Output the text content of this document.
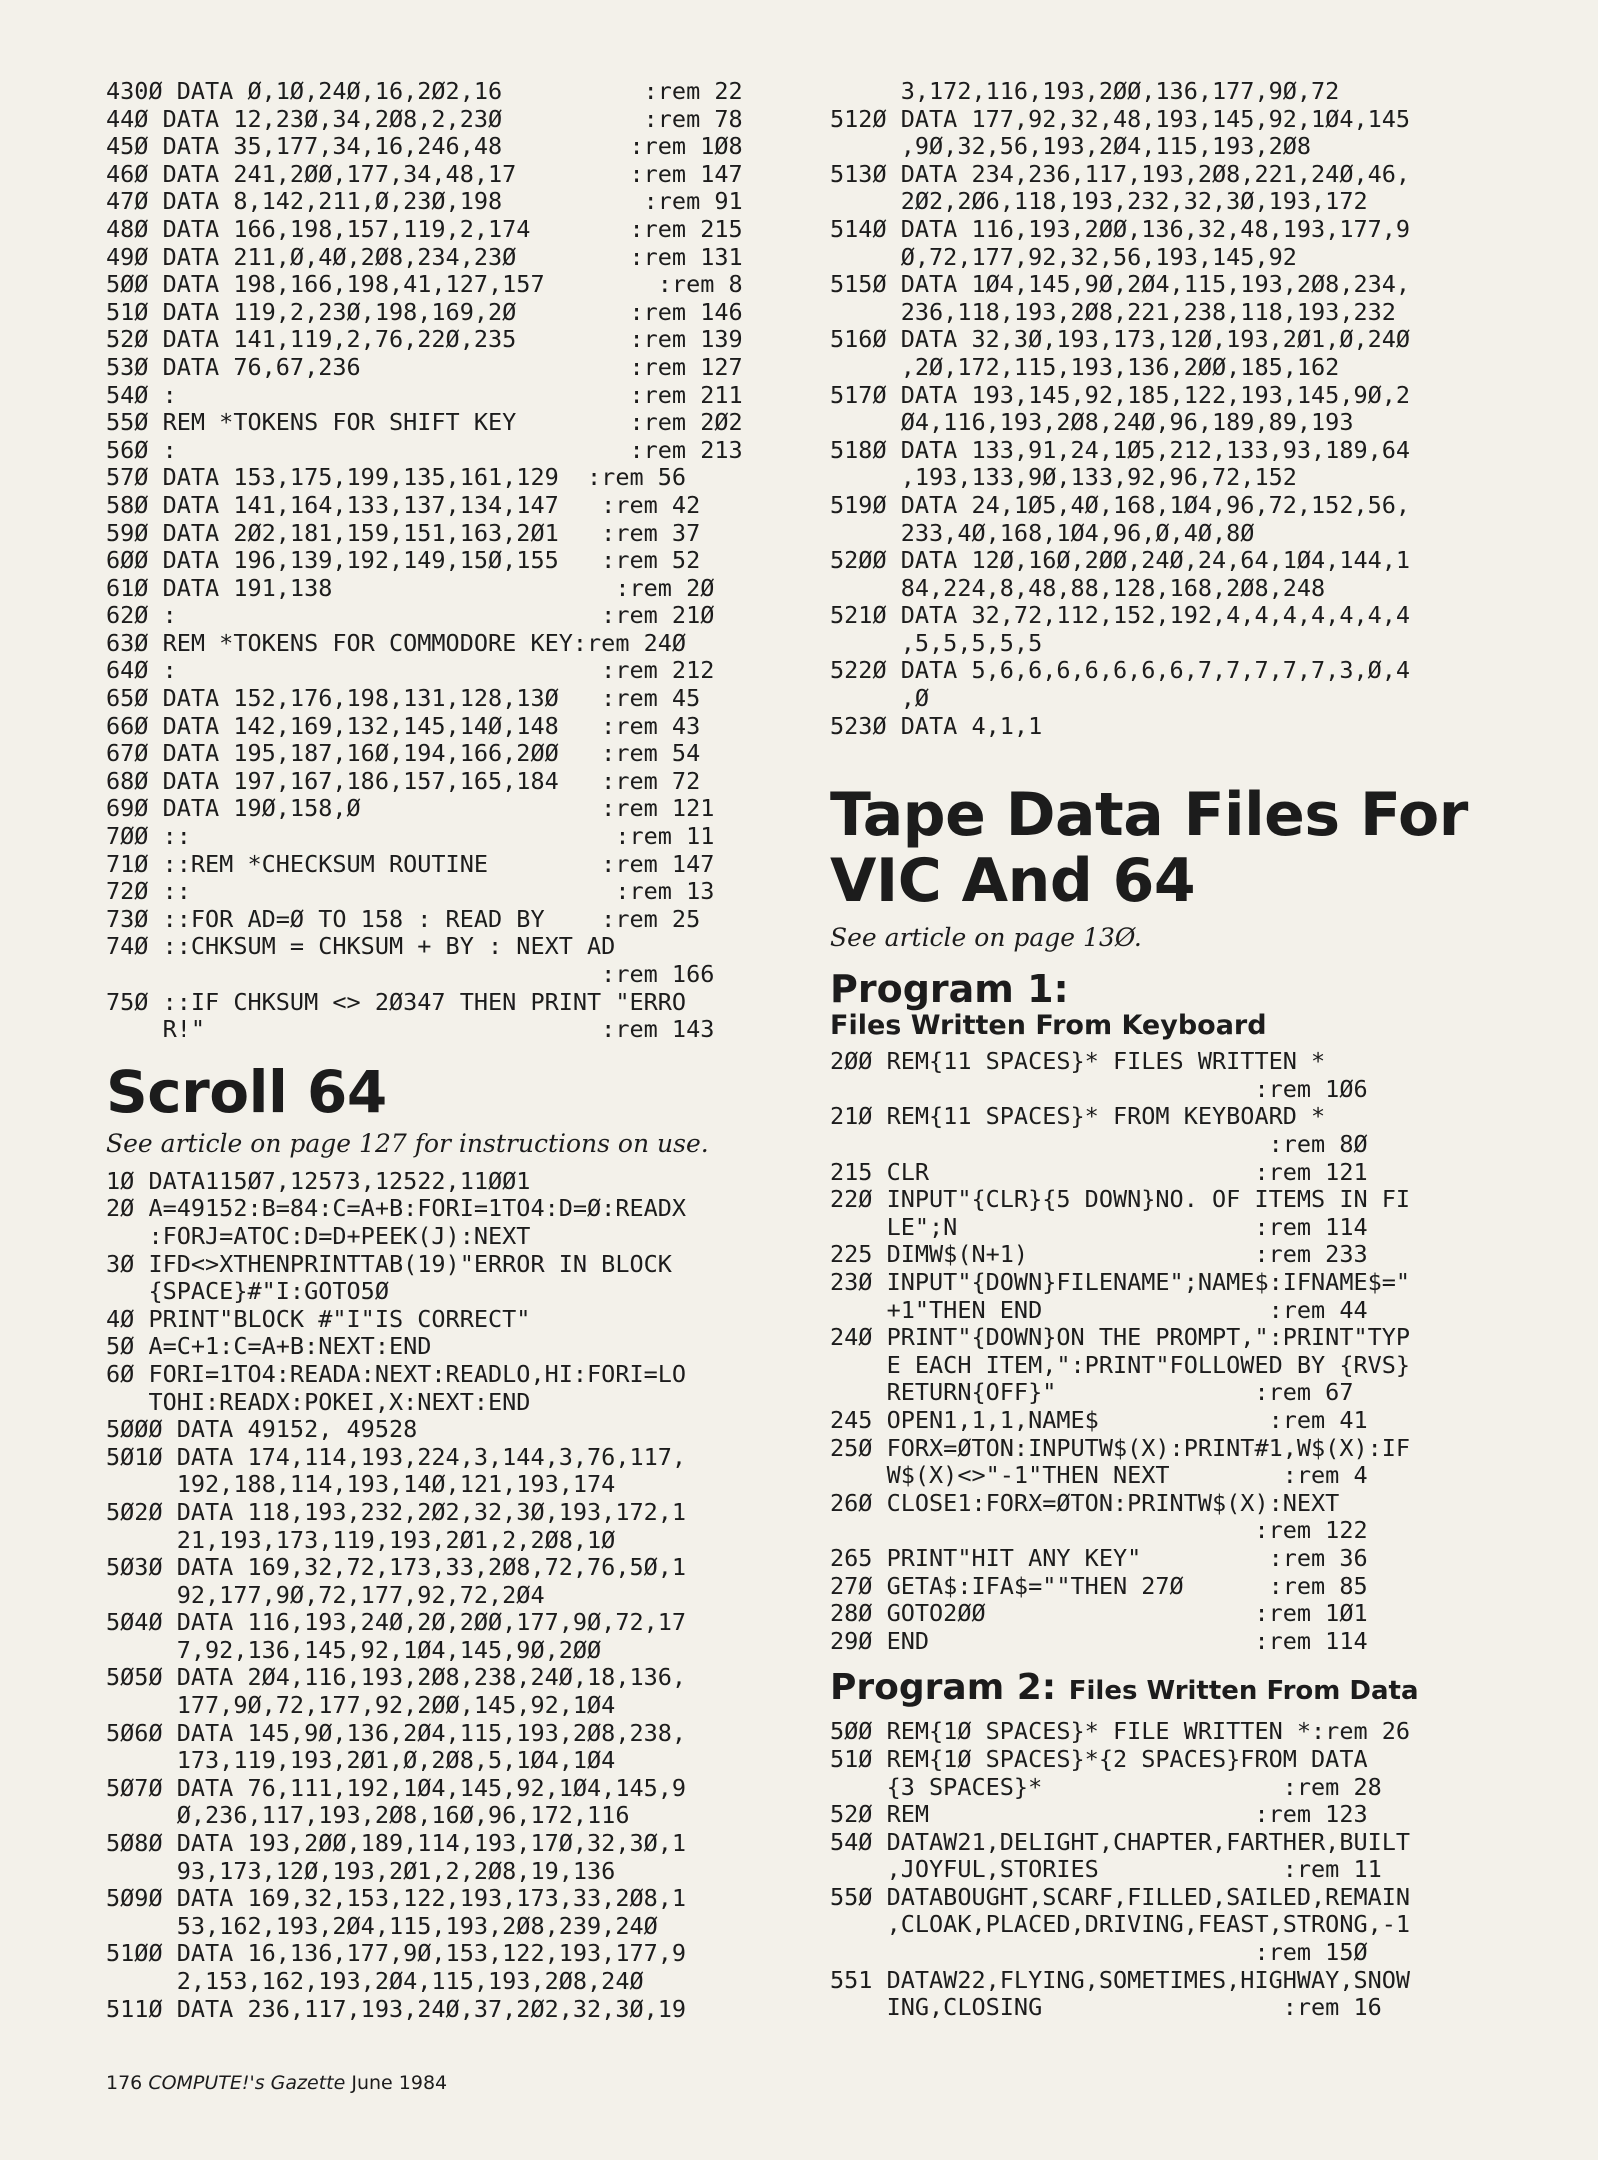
430Ø DATA Ø,1Ø,24Ø,16,2Ø2,16          :rem 22
44Ø DATA 12,23Ø,34,2Ø8,2,23Ø          :rem 78
45Ø DATA 35,177,34,16,246,48         :rem 1Ø8
46Ø DATA 241,2ØØ,177,34,48,17        :rem 147
47Ø DATA 8,142,211,Ø,23Ø,198          :rem 91
48Ø DATA 166,198,157,119,2,174       :rem 215
49Ø DATA 211,Ø,4Ø,2Ø8,234,23Ø        :rem 131
5ØØ DATA 198,166,198,41,127,157        :rem 8
51Ø DATA 119,2,23Ø,198,169,2Ø        :rem 146
52Ø DATA 141,119,2,76,22Ø,235        :rem 139
53Ø DATA 76,67,236                   :rem 127
54Ø :                                :rem 211
55Ø REM *TOKENS FOR SHIFT KEY        :rem 2Ø2
56Ø :                                :rem 213
57Ø DATA 153,175,199,135,161,129  :rem 56
58Ø DATA 141,164,133,137,134,147   :rem 42
59Ø DATA 2Ø2,181,159,151,163,2Ø1   :rem 37
6ØØ DATA 196,139,192,149,15Ø,155   :rem 52
61Ø DATA 191,138                    :rem 2Ø
62Ø :                              :rem 21Ø
63Ø REM *TOKENS FOR COMMODORE KEY:rem 24Ø
64Ø :                              :rem 212
65Ø DATA 152,176,198,131,128,13Ø   :rem 45
66Ø DATA 142,169,132,145,14Ø,148   :rem 43
67Ø DATA 195,187,16Ø,194,166,2ØØ   :rem 54
68Ø DATA 197,167,186,157,165,184   :rem 72
69Ø DATA 19Ø,158,Ø                 :rem 121
7ØØ ::                              :rem 11
71Ø ::REM *CHECKSUM ROUTINE        :rem 147
72Ø ::                              :rem 13
73Ø ::FOR AD=Ø TO 158 : READ BY    :rem 25
74Ø ::CHKSUM = CHKSUM + BY : NEXT AD
:rem 166
75Ø ::IF CHKSUM <> 2Ø347 THEN PRINT "ERRO
R!"                            :rem 143
Scroll 64

See article on page 127 for instructions on use.

1Ø DATA115Ø7,12573,12522,11ØØ1
2Ø A=49152:B=84:C=A+B:FORI=1TO4:D=Ø:READX
:FORJ=ATOC:D=D+PEEK(J):NEXT
3Ø IFD<>XTHENPRINTTAB(19)"ERROR IN BLOCK
{SPACE}#"I:GOTO5Ø
4Ø PRINT"BLOCK #"I"IS CORRECT"
5Ø A=C+1:C=A+B:NEXT:END
6Ø FORI=1TO4:READA:NEXT:READLO,HI:FORI=LO
TOHI:READX:POKEI,X:NEXT:END
5ØØØ DATA 49152, 49528
5Ø1Ø DATA 174,114,193,224,3,144,3,76,117,
192,188,114,193,14Ø,121,193,174
5Ø2Ø DATA 118,193,232,2Ø2,32,3Ø,193,172,1
21,193,173,119,193,2Ø1,2,2Ø8,1Ø
5Ø3Ø DATA 169,32,72,173,33,2Ø8,72,76,5Ø,1
92,177,9Ø,72,177,92,72,2Ø4
5Ø4Ø DATA 116,193,24Ø,2Ø,2ØØ,177,9Ø,72,17
7,92,136,145,92,1Ø4,145,9Ø,2ØØ
5Ø5Ø DATA 2Ø4,116,193,2Ø8,238,24Ø,18,136,
177,9Ø,72,177,92,2ØØ,145,92,1Ø4
5Ø6Ø DATA 145,9Ø,136,2Ø4,115,193,2Ø8,238,
173,119,193,2Ø1,Ø,2Ø8,5,1Ø4,1Ø4
5Ø7Ø DATA 76,111,192,1Ø4,145,92,1Ø4,145,9
Ø,236,117,193,2Ø8,16Ø,96,172,116
5Ø8Ø DATA 193,2ØØ,189,114,193,17Ø,32,3Ø,1
93,173,12Ø,193,2Ø1,2,2Ø8,19,136
5Ø9Ø DATA 169,32,153,122,193,173,33,2Ø8,1
53,162,193,2Ø4,115,193,2Ø8,239,24Ø
51ØØ DATA 16,136,177,9Ø,153,122,193,177,9
2,153,162,193,2Ø4,115,193,2Ø8,24Ø
511Ø DATA 236,117,193,24Ø,37,2Ø2,32,3Ø,19
3,172,116,193,2ØØ,136,177,9Ø,72
512Ø DATA 177,92,32,48,193,145,92,1Ø4,145
,9Ø,32,56,193,2Ø4,115,193,2Ø8
513Ø DATA 234,236,117,193,2Ø8,221,24Ø,46,
2Ø2,2Ø6,118,193,232,32,3Ø,193,172
514Ø DATA 116,193,2ØØ,136,32,48,193,177,9
Ø,72,177,92,32,56,193,145,92
515Ø DATA 1Ø4,145,9Ø,2Ø4,115,193,2Ø8,234,
236,118,193,2Ø8,221,238,118,193,232
516Ø DATA 32,3Ø,193,173,12Ø,193,2Ø1,Ø,24Ø
,2Ø,172,115,193,136,2ØØ,185,162
517Ø DATA 193,145,92,185,122,193,145,9Ø,2
Ø4,116,193,2Ø8,24Ø,96,189,89,193
518Ø DATA 133,91,24,1Ø5,212,133,93,189,64
,193,133,9Ø,133,92,96,72,152
519Ø DATA 24,1Ø5,4Ø,168,1Ø4,96,72,152,56,
233,4Ø,168,1Ø4,96,Ø,4Ø,8Ø
52ØØ DATA 12Ø,16Ø,2ØØ,24Ø,24,64,1Ø4,144,1
84,224,8,48,88,128,168,2Ø8,248
521Ø DATA 32,72,112,152,192,4,4,4,4,4,4,4
,5,5,5,5,5
522Ø DATA 5,6,6,6,6,6,6,6,7,7,7,7,7,3,Ø,4
,Ø
523Ø DATA 4,1,1
Tape Data Files For
VIC And 64

See article on page 13Ø.

Program 1:
Files Written From Keyboard
2ØØ REM{11 SPACES}* FILES WRITTEN *
:rem 1Ø6
21Ø REM{11 SPACES}* FROM KEYBOARD *
:rem 8Ø
215 CLR                       :rem 121
22Ø INPUT"{CLR}{5 DOWN}NO. OF ITEMS IN FI
LE";N                     :rem 114
225 DIMW$(N+1)                :rem 233
23Ø INPUT"{DOWN}FILENAME";NAME$:IFNAME$="
+1"THEN END                :rem 44
24Ø PRINT"{DOWN}ON THE PROMPT,":PRINT"TYP
E EACH ITEM,":PRINT"FOLLOWED BY {RVS}
RETURN{OFF}"              :rem 67
245 OPEN1,1,1,NAME$            :rem 41
25Ø FORX=ØTON:INPUTW$(X):PRINT#1,W$(X):IF
W$(X)<>"-1"THEN NEXT        :rem 4
26Ø CLOSE1:FORX=ØTON:PRINTW$(X):NEXT
:rem 122
265 PRINT"HIT ANY KEY"         :rem 36
27Ø GETA$:IFA$=""THEN 27Ø      :rem 85
28Ø GOTO2ØØ                   :rem 1Ø1
29Ø END                       :rem 114
Program 2: Files Written From Data
5ØØ REM{1Ø SPACES}* FILE WRITTEN *:rem 26
51Ø REM{1Ø SPACES}*{2 SPACES}FROM DATA
{3 SPACES}*                 :rem 28
52Ø REM                       :rem 123
54Ø DATAW21,DELIGHT,CHAPTER,FARTHER,BUILT
,JOYFUL,STORIES             :rem 11
55Ø DATABOUGHT,SCARF,FILLED,SAILED,REMAIN
,CLOAK,PLACED,DRIVING,FEAST,STRONG,-1
:rem 15Ø
551 DATAW22,FLYING,SOMETIMES,HIGHWAY,SNOW
ING,CLOSING                 :rem 16
176 COMPUTE!'s Gazette June 1984
